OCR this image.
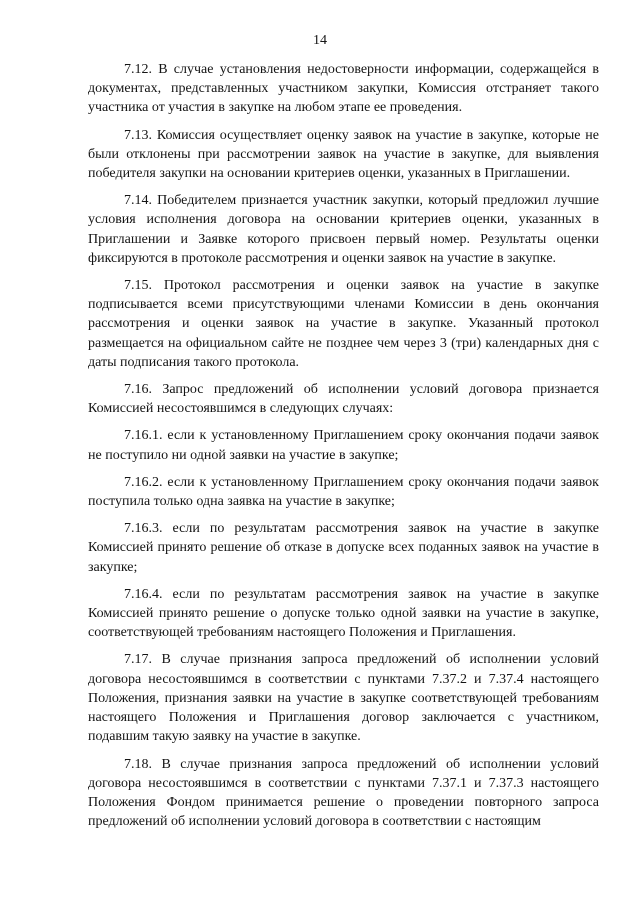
14

7.12. В случае установления недостоверности информации, содержащейся в документах, представленных участником закупки, Комиссия отстраняет такого участника от участия в закупке на любом этапе ее проведения.

7.13. Комиссия осуществляет оценку заявок на участие в закупке, которые не были отклонены при рассмотрении заявок на участие в закупке, для выявления победителя закупки на основании критериев оценки, указанных в Приглашении.

7.14. Победителем признается участник закупки, который предложил лучшие условия исполнения договора на основании критериев оценки, указанных в Приглашении и Заявке которого присвоен первый номер. Результаты оценки фиксируются в протоколе рассмотрения и оценки заявок на участие в закупке.

7.15. Протокол рассмотрения и оценки заявок на участие в закупке подписывается всеми присутствующими членами Комиссии в день окончания рассмотрения и оценки заявок на участие в закупке. Указанный протокол размещается на официальном сайте не позднее чем через 3 (три) календарных дня с даты подписания такого протокола.

7.16. Запрос предложений об исполнении условий договора признается Комиссией несостоявшимся в следующих случаях:

7.16.1. если к установленному Приглашением сроку окончания подачи заявок не поступило ни одной заявки на участие в закупке;

7.16.2. если к установленному Приглашением сроку окончания подачи заявок поступила только одна заявка на участие в закупке;

7.16.3. если по результатам рассмотрения заявок на участие в закупке Комиссией принято решение об отказе в допуске всех поданных заявок на участие в закупке;

7.16.4. если по результатам рассмотрения заявок на участие в закупке Комиссией принято решение о допуске только одной заявки на участие в закупке, соответствующей требованиям настоящего Положения и Приглашения.

7.17. В случае признания запроса предложений об исполнении условий договора несостоявшимся в соответствии с пунктами 7.37.2 и 7.37.4 настоящего Положения, признания заявки на участие в закупке соответствующей требованиям настоящего Положения и Приглашения договор заключается с участником, подавшим такую заявку на участие в закупке.

7.18. В случае признания запроса предложений об исполнении условий договора несостоявшимся в соответствии с пунктами 7.37.1 и 7.37.3 настоящего Положения Фондом принимается решение о проведении повторного запроса предложений об исполнении условий договора в соответствии с настоящим
